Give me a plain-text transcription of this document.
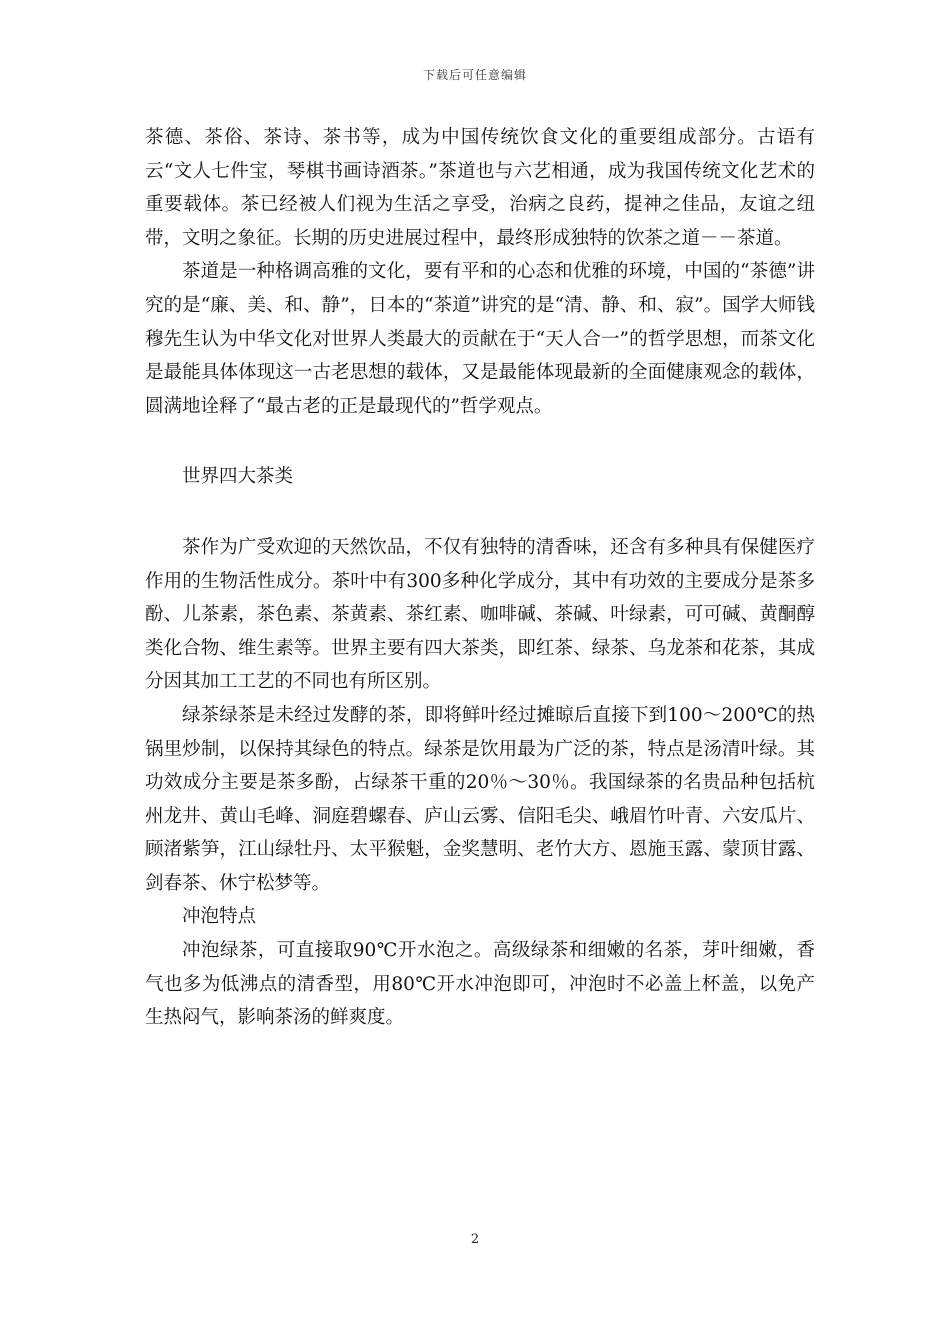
下载后可任意编辑

茶德、茶俗、茶诗、茶书等，成为中国传统饮食文化的重要组成部分。古语有云“文人七件宝，琴棋书画诗酒茶。”茶道也与六艺相通，成为我国传统文化艺术的重要载体。茶已经被人们视为生活之享受，治病之良药，提神之佳品，友谊之纽带，文明之象征。长期的历史进展过程中，最终形成独特的饮茶之道－－茶道。

茶道是一种格调高雅的文化，要有平和的心态和优雅的环境，中国的“茶德”讲究的是“廉、美、和、静”，日本的“茶道”讲究的是“清、静、和、寂”。国学大师钱穆先生认为中华文化对世界人类最大的贡献在于“天人合一”的哲学思想，而茶文化是最能具体体现这一古老思想的载体，又是最能体现最新的全面健康观念的载体，圆满地诠释了“最古老的正是最现代的”哲学观点。

世界四大茶类

茶作为广受欢迎的天然饮品，不仅有独特的清香味，还含有多种具有保健医疗作用的生物活性成分。茶叶中有300多种化学成分，其中有功效的主要成分是茶多酚、儿茶素，茶色素、茶黄素、茶红素、咖啡碱、茶碱、叶绿素，可可碱、黄酮醇类化合物、维生素等。世界主要有四大茶类，即红茶、绿茶、乌龙茶和花茶，其成分因其加工工艺的不同也有所区别。

绿茶绿茶是未经过发酵的茶，即将鲜叶经过摊晾后直接下到100～200℃的热锅里炒制，以保持其绿色的特点。绿茶是饮用最为广泛的茶，特点是汤清叶绿。其功效成分主要是茶多酚，占绿茶干重的20％～30％。我国绿茶的名贵品种包括杭州龙井、黄山毛峰、洞庭碧螺春、庐山云雾、信阳毛尖、峨眉竹叶青、六安瓜片、顾渚紫笋，江山绿牡丹、太平猴魁，金奖慧明、老竹大方、恩施玉露、蒙顶甘露、剑春茶、休宁松梦等。

冲泡特点

冲泡绿茶，可直接取90℃开水泡之。高级绿茶和细嫩的名茶，芽叶细嫩，香气也多为低沸点的清香型，用80℃开水冲泡即可，冲泡时不必盖上杯盖，以免产生热闷气，影响茶汤的鲜爽度。

2
